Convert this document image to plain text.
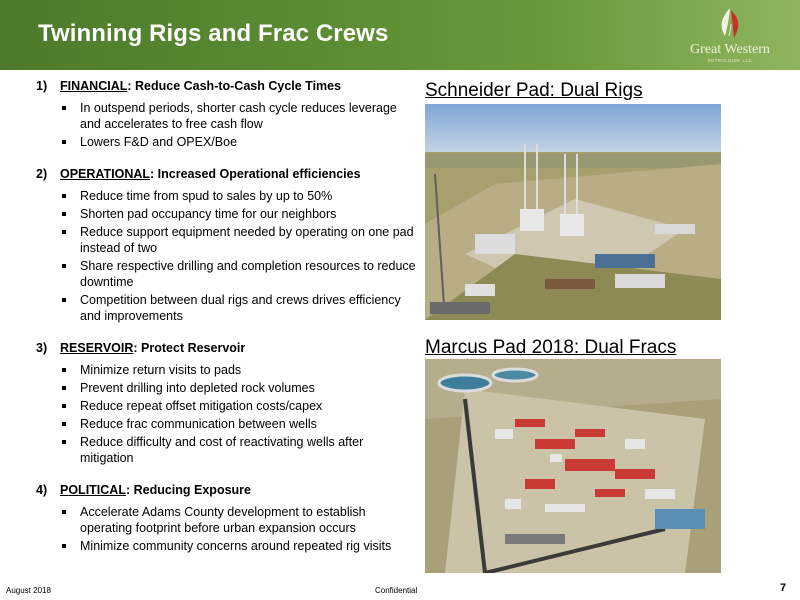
Twinning Rigs and Frac Crews
Great Western
PETROLEUM, LLC
1)	FINANCIAL: Reduce Cash-to-Cash Cycle Times
In outspend periods, shorter cash cycle reduces leverage and accelerates to free cash flow
Lowers F&D and OPEX/Boe
2)	OPERATIONAL: Increased Operational efficiencies
Reduce time from spud to sales by up to 50%
Shorten pad occupancy time for our neighbors
Reduce support equipment needed by operating on one pad instead of two
Share respective drilling and completion resources to reduce downtime
Competition between dual rigs and crews drives efficiency and improvements
3)	RESERVOIR: Protect Reservoir
Minimize return visits to pads
Prevent drilling into depleted rock volumes
Reduce repeat offset mitigation costs/capex
Reduce frac communication between wells
Reduce difficulty and cost of reactivating wells after mitigation
4)	POLITICAL: Reducing Exposure
Accelerate Adams County development to establish operating footprint before urban expansion occurs
Minimize community concerns around repeated rig visits
Schneider Pad: Dual Rigs
Marcus Pad 2018: Dual Fracs
August 2018	Confidential	7
